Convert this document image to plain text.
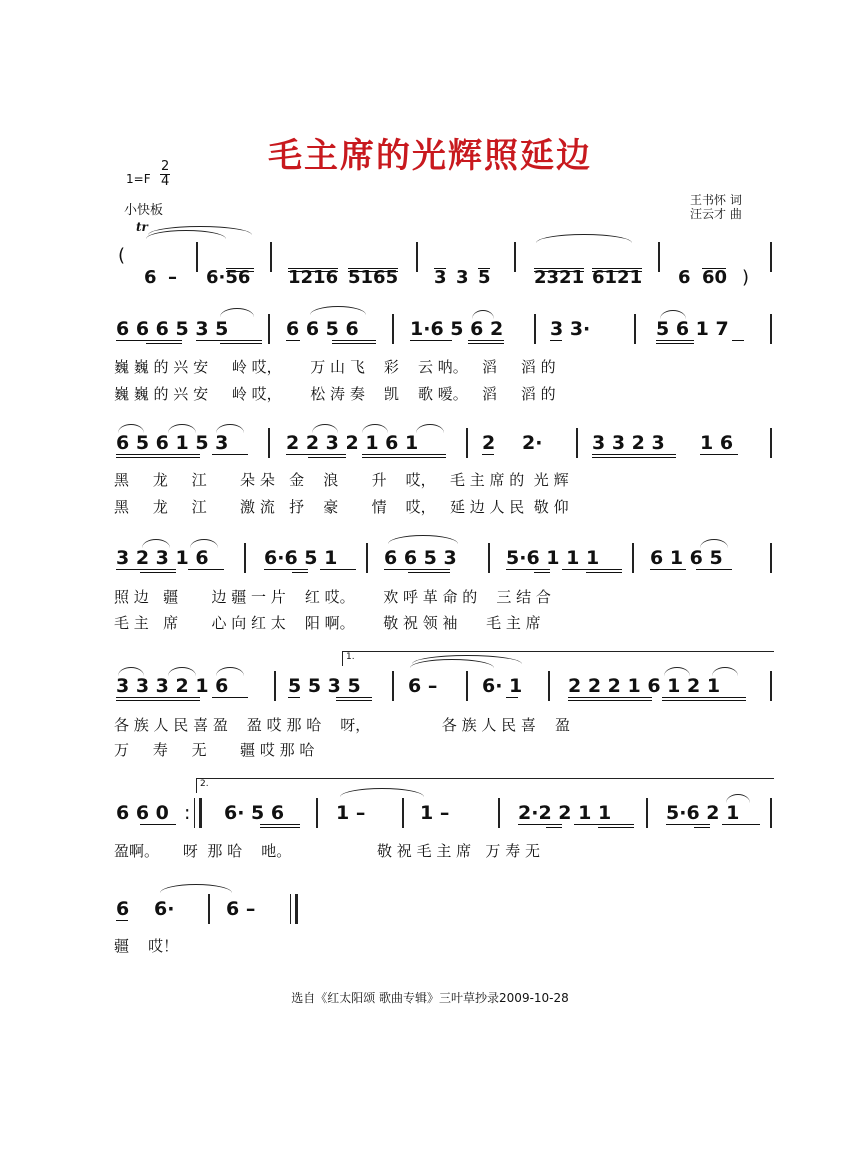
毛主席的光辉照延边
$1=F \frac{2}{4}$
小快板
王书怀 词
汪云才 曲
tr

(
6 – 6·56 1216 5165 3 3 5 2321 6121 6 60 )

6 6 6 5 3 5	6 6 5 6	1·6 5 6 2 3 3·	5 6 1 7
巍 巍 的 兴 安     岭 哎，      万 山 飞    彩    云 呐。   滔     滔 的
巍 巍 的 兴 安     岭 哎，      松 涛 奏    凯    歌 嗳。   滔     滔 的
6 5 6 1 5 3	2 2 3 2 1 6 1	2 2·	3 3 2 3 1 6
黑     龙     江       朵 朵   金    浪       升    哎，   毛 主 席 的  光 辉
黑     龙     江       激 流   抒    豪       情    哎，   延 边 人 民  敬 仰
3 2 3 1 6	6·6 5 1 6 6 5 3	5·6 1 1 1	6 1 6 5
照 边   疆       边 疆 一 片    红 哎。      欢 呼 革 命 的    三 结 合
毛 主   席       心 向 红 太    阳 啊。      敬 祝 领 袖      毛 主 席
3 3 3 2 1 6	5 5 3 5 6 – 6· 1 2 2 2 1 6 1 2 1
1.
各 族 人 民 喜 盈    盈 哎 那 哈    呀，               各 族 人 民 喜    盈
万     寿     无       疆 哎 那 哈
6 6 0 : 6· 5 6	1 –	1 –	2·2 2 1 1	5·6 2 1
2.
盈啊。     呀  那 哈    吔。                  敬 祝 毛 主 席   万 寿 无
6 6·	6 –
疆    哎！
选自《红太阳颂 歌曲专辑》三叶草抄录2009-10-28
